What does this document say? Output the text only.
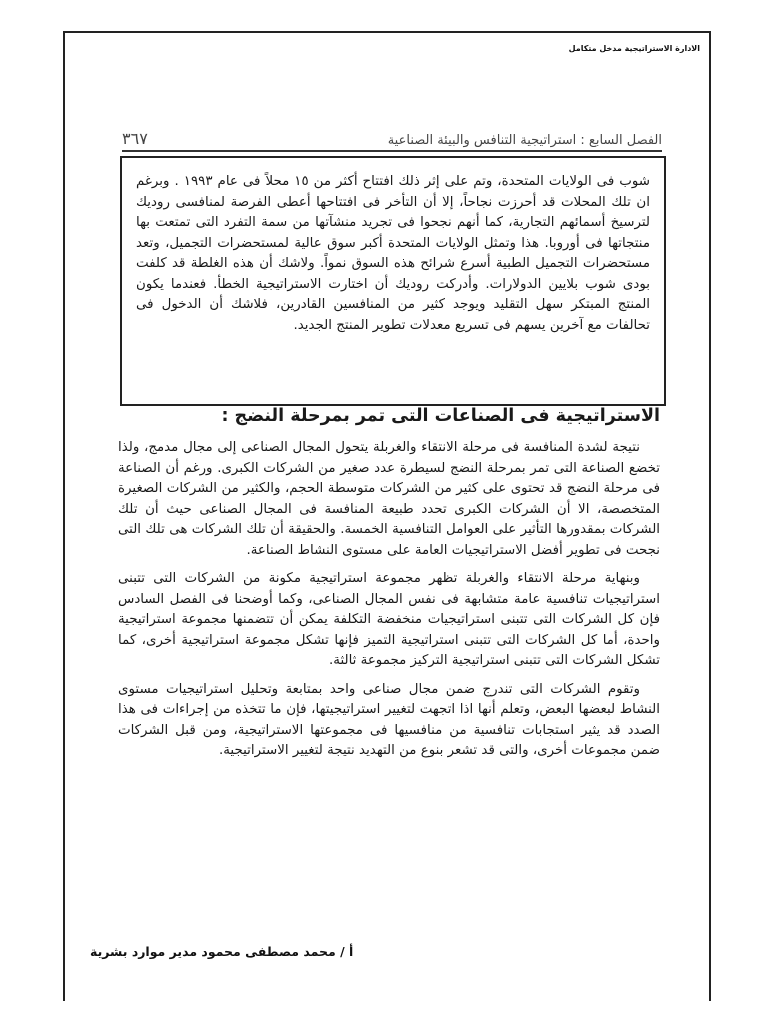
الادارة الاستراتيجية مدخل متكامل
الفصل السابع : استراتيجية التنافس والبيئة الصناعية
٣٦٧

شوب فى الولايات المتحدة، وتم على إثر ذلك افتتاح أكثر من ١٥ محلاً فى عام ١٩٩٣ . وبرغم ان تلك المحلات قد أحرزت نجاحاً، إلا أن التأخر فى افتتاحها أعطى الفرصة لمنافسى روديك لترسيخ أسمائهم التجارية، كما أنهم نجحوا فى تجريد منشآتها من سمة التفرد التى تمتعت بها منتجاتها فى أوروبا. هذا وتمثل الولايات المتحدة أكبر سوق عالية لمستحضرات التجميل، وتعد مستحضرات التجميل الطبية أسرع شرائح هذه السوق نمواً. ولاشك أن هذه الغلطة قد كلفت بودى شوب بلايين الدولارات. وأدركت روديك أن اختارت الاستراتيجية الخطأ. فعندما يكون المنتج المبتكر سهل التقليد ويوجد كثير من المنافسين القادرين، فلاشك أن الدخول فى تحالفات مع آخرين يسهم فى تسريع معدلات تطوير المنتج الجديد.

الاستراتيجية فى الصناعات التى تمر بمرحلة النضج :

نتيجة لشدة المنافسة فى مرحلة الانتقاء والغربلة يتحول المجال الصناعى إلى مجال مدمج، ولذا تخضع الصناعة التى تمر بمرحلة النضج لسيطرة عدد صغير من الشركات الكبرى. ورغم أن الصناعة فى مرحلة النضج قد تحتوى على كثير من الشركات متوسطة الحجم، والكثير من الشركات الصغيرة المتخصصة، الا أن الشركات الكبرى تحدد طبيعة المنافسة فى المجال الصناعى حيث أن تلك الشركات بمقدورها التأثير على العوامل التنافسية الخمسة. والحقيقة أن تلك الشركات هى تلك التى نجحت فى تطوير أفضل الاستراتيجيات العامة على مستوى النشاط الصناعة.

وبنهاية مرحلة الانتقاء والغربلة تظهر مجموعة استراتيجية مكونة من الشركات التى تتبنى استراتيجيات تنافسية عامة متشابهة فى نفس المجال الصناعى، وكما أوضحنا فى الفصل السادس فإن كل الشركات التى تتبنى استراتيجيات منخفضة التكلفة يمكن أن تتضمنها مجموعة استراتيجية واحدة، أما كل الشركات التى تتبنى استراتيجية التميز فإنها تشكل مجموعة استراتيجية أخرى، كما تشكل الشركات التى تتبنى استراتيجية التركيز مجموعة ثالثة.

وتقوم الشركات التى تندرج ضمن مجال صناعى واحد بمتابعة وتحليل استراتيجيات مستوى النشاط لبعضها البعض، وتعلم أنها اذا اتجهت لتغيير استراتيجيتها، فإن ما تتخذه من إجراءات فى هذا الصدد قد يثير استجابات تنافسية من منافسيها فى مجموعتها الاستراتيجية، ومن قبل الشركات ضمن مجموعات أخرى، والتى قد تشعر بنوع من التهديد نتيجة لتغيير الاستراتيجية.

أ / محمد مصطفى محمود مدير موارد بشرية
